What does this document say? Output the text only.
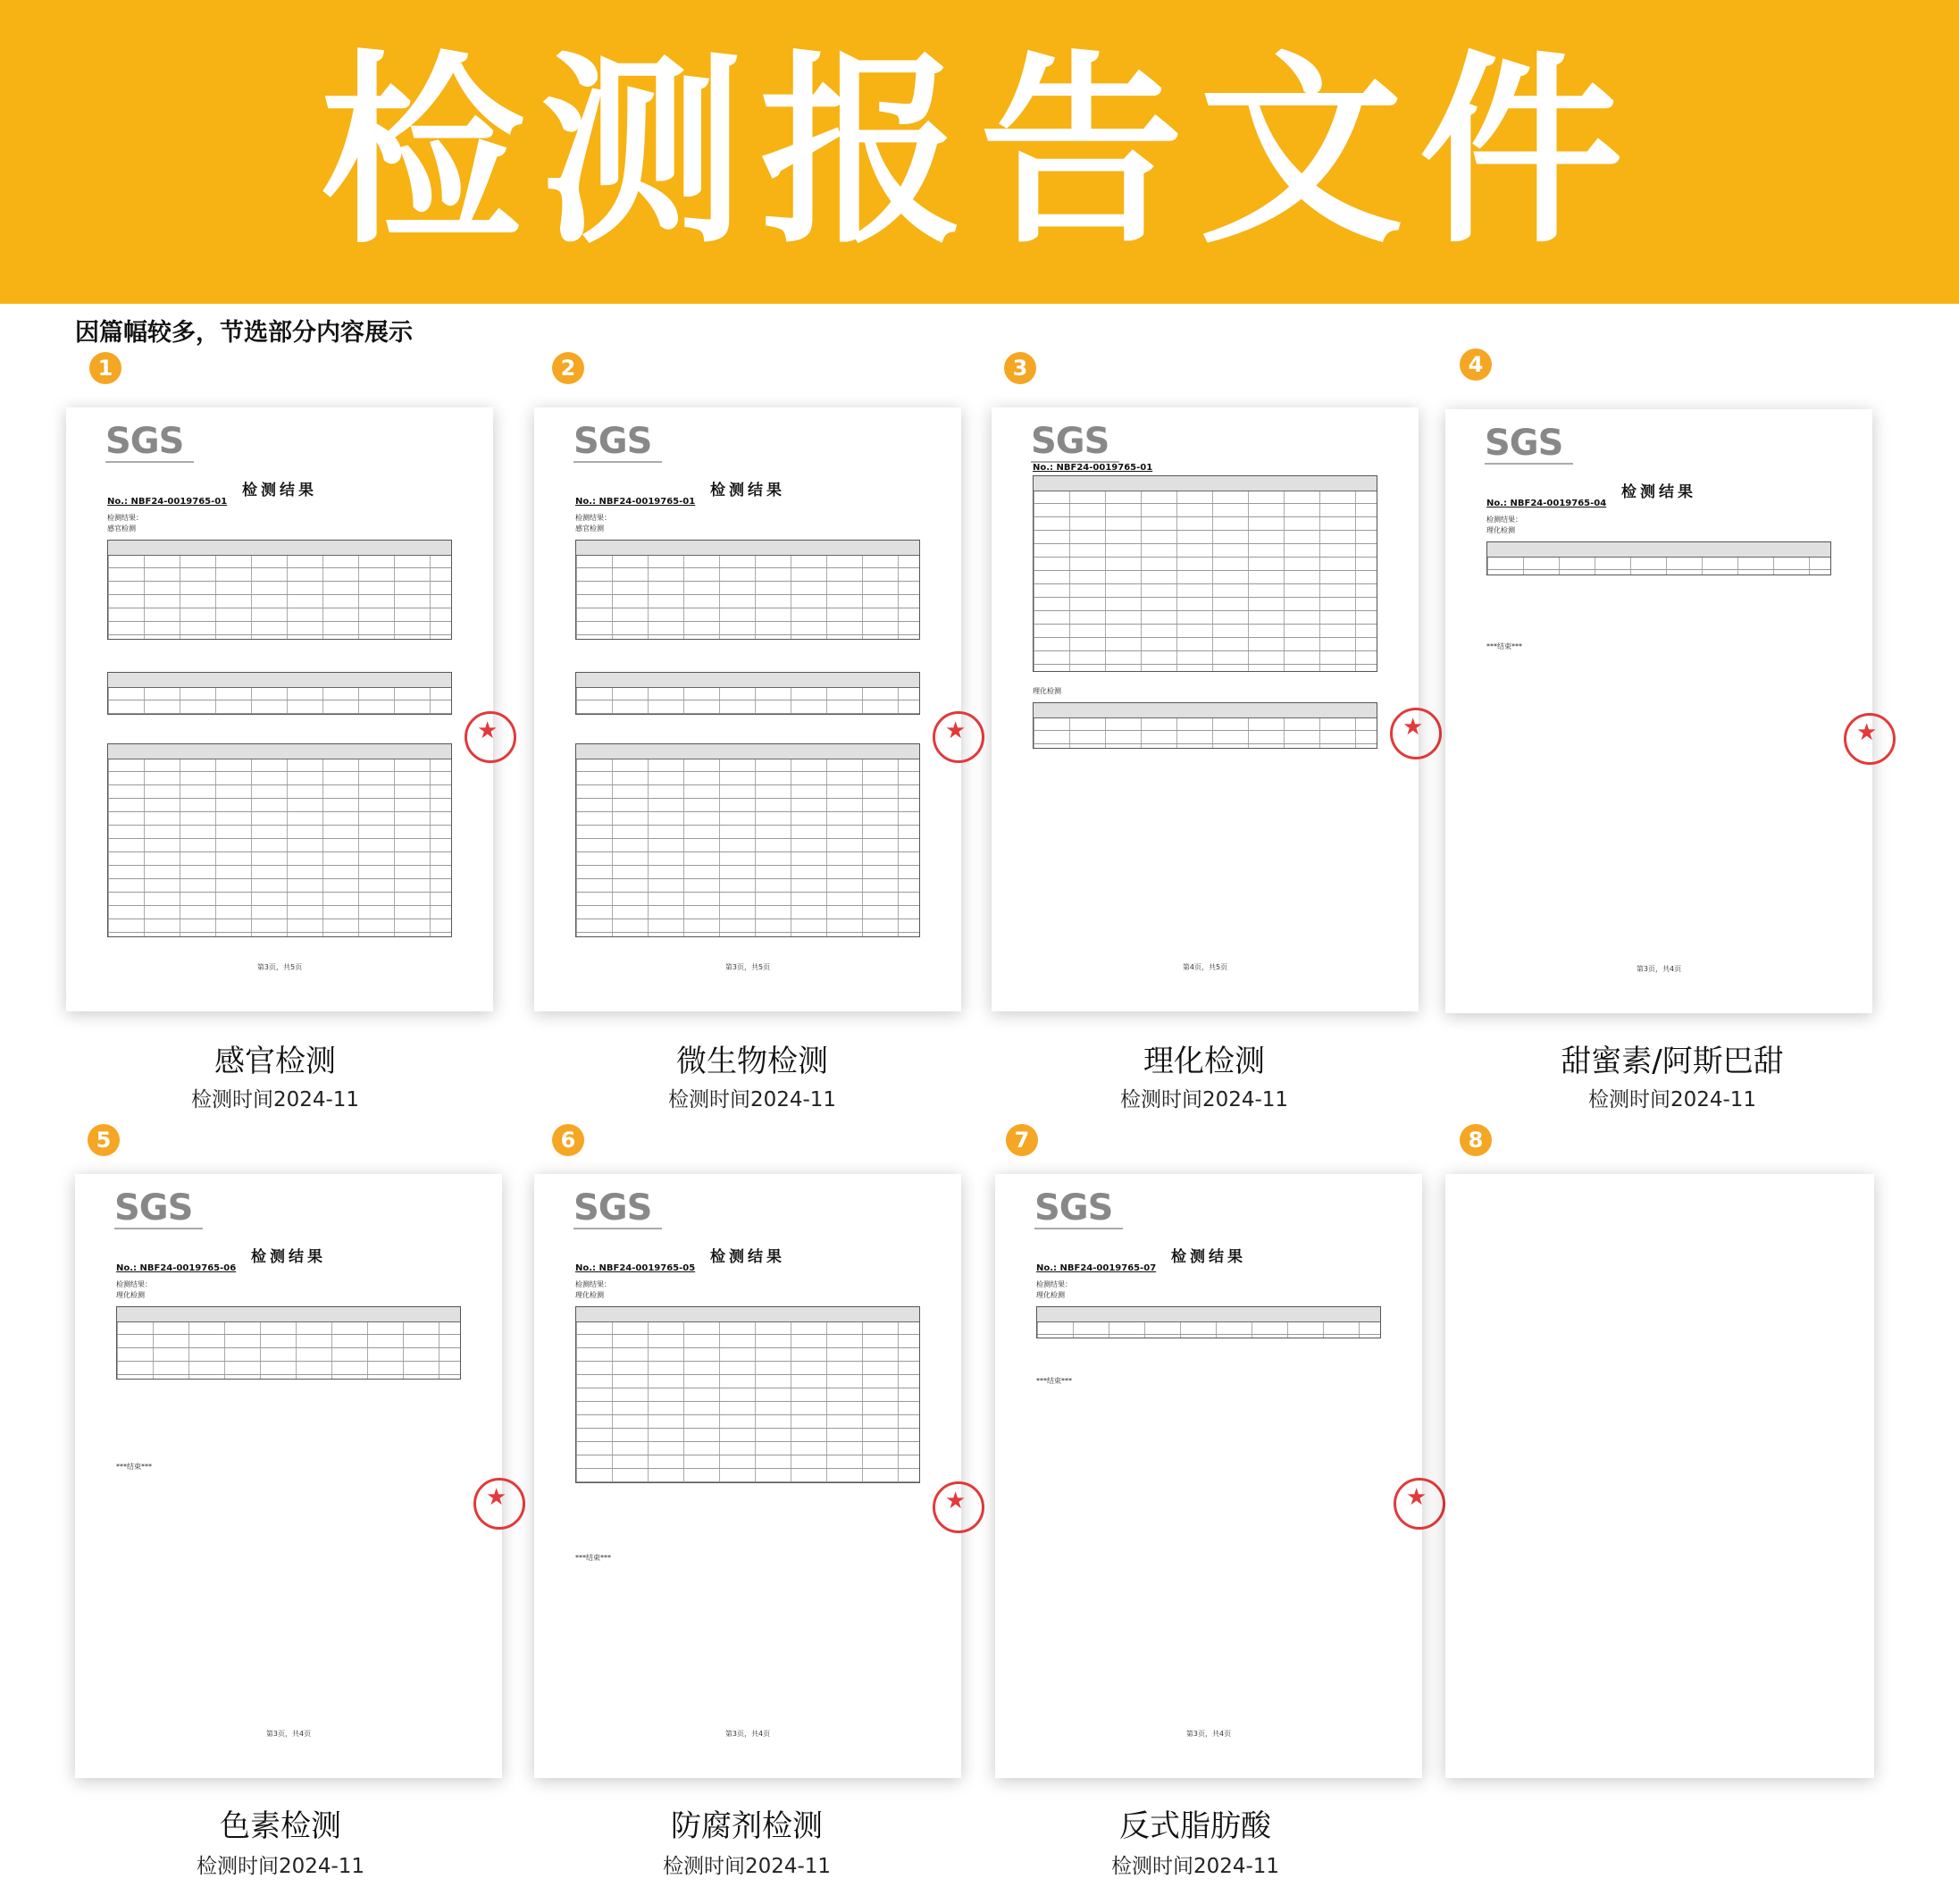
检测报告文件
因篇幅较多，节选部分内容展示
1	2	3	4
SGS
检测结果
No.: NBF24-0019765-01
检测结果：
感官检测
★
第3页，共5页
SGS
检测结果
No.: NBF24-0019765-01
检测结果：
感官检测
★
第3页，共5页
SGS
No.: NBF24-0019765-01
理化检测
★
第4页，共5页
SGS
检测结果
No.: NBF24-0019765-04
检测结果：
理化检测
***结束***
★
第3页，共4页
感官检测
检测时间2024-11
微生物检测
检测时间2024-11
理化检测
检测时间2024-11
甜蜜素/阿斯巴甜
检测时间2024-11
5	6	7	8
SGS
检测结果
No.: NBF24-0019765-06
检测结果：
理化检测
***结束***
★
第3页，共4页
SGS
检测结果
No.: NBF24-0019765-05
检测结果：
理化检测
***结束***
★
第3页，共4页
SGS
检测结果
No.: NBF24-0019765-07
检测结果：
理化检测
***结束***
★
第3页，共4页
色素检测
检测时间2024-11
防腐剂检测
检测时间2024-11
反式脂肪酸
检测时间2024-11
